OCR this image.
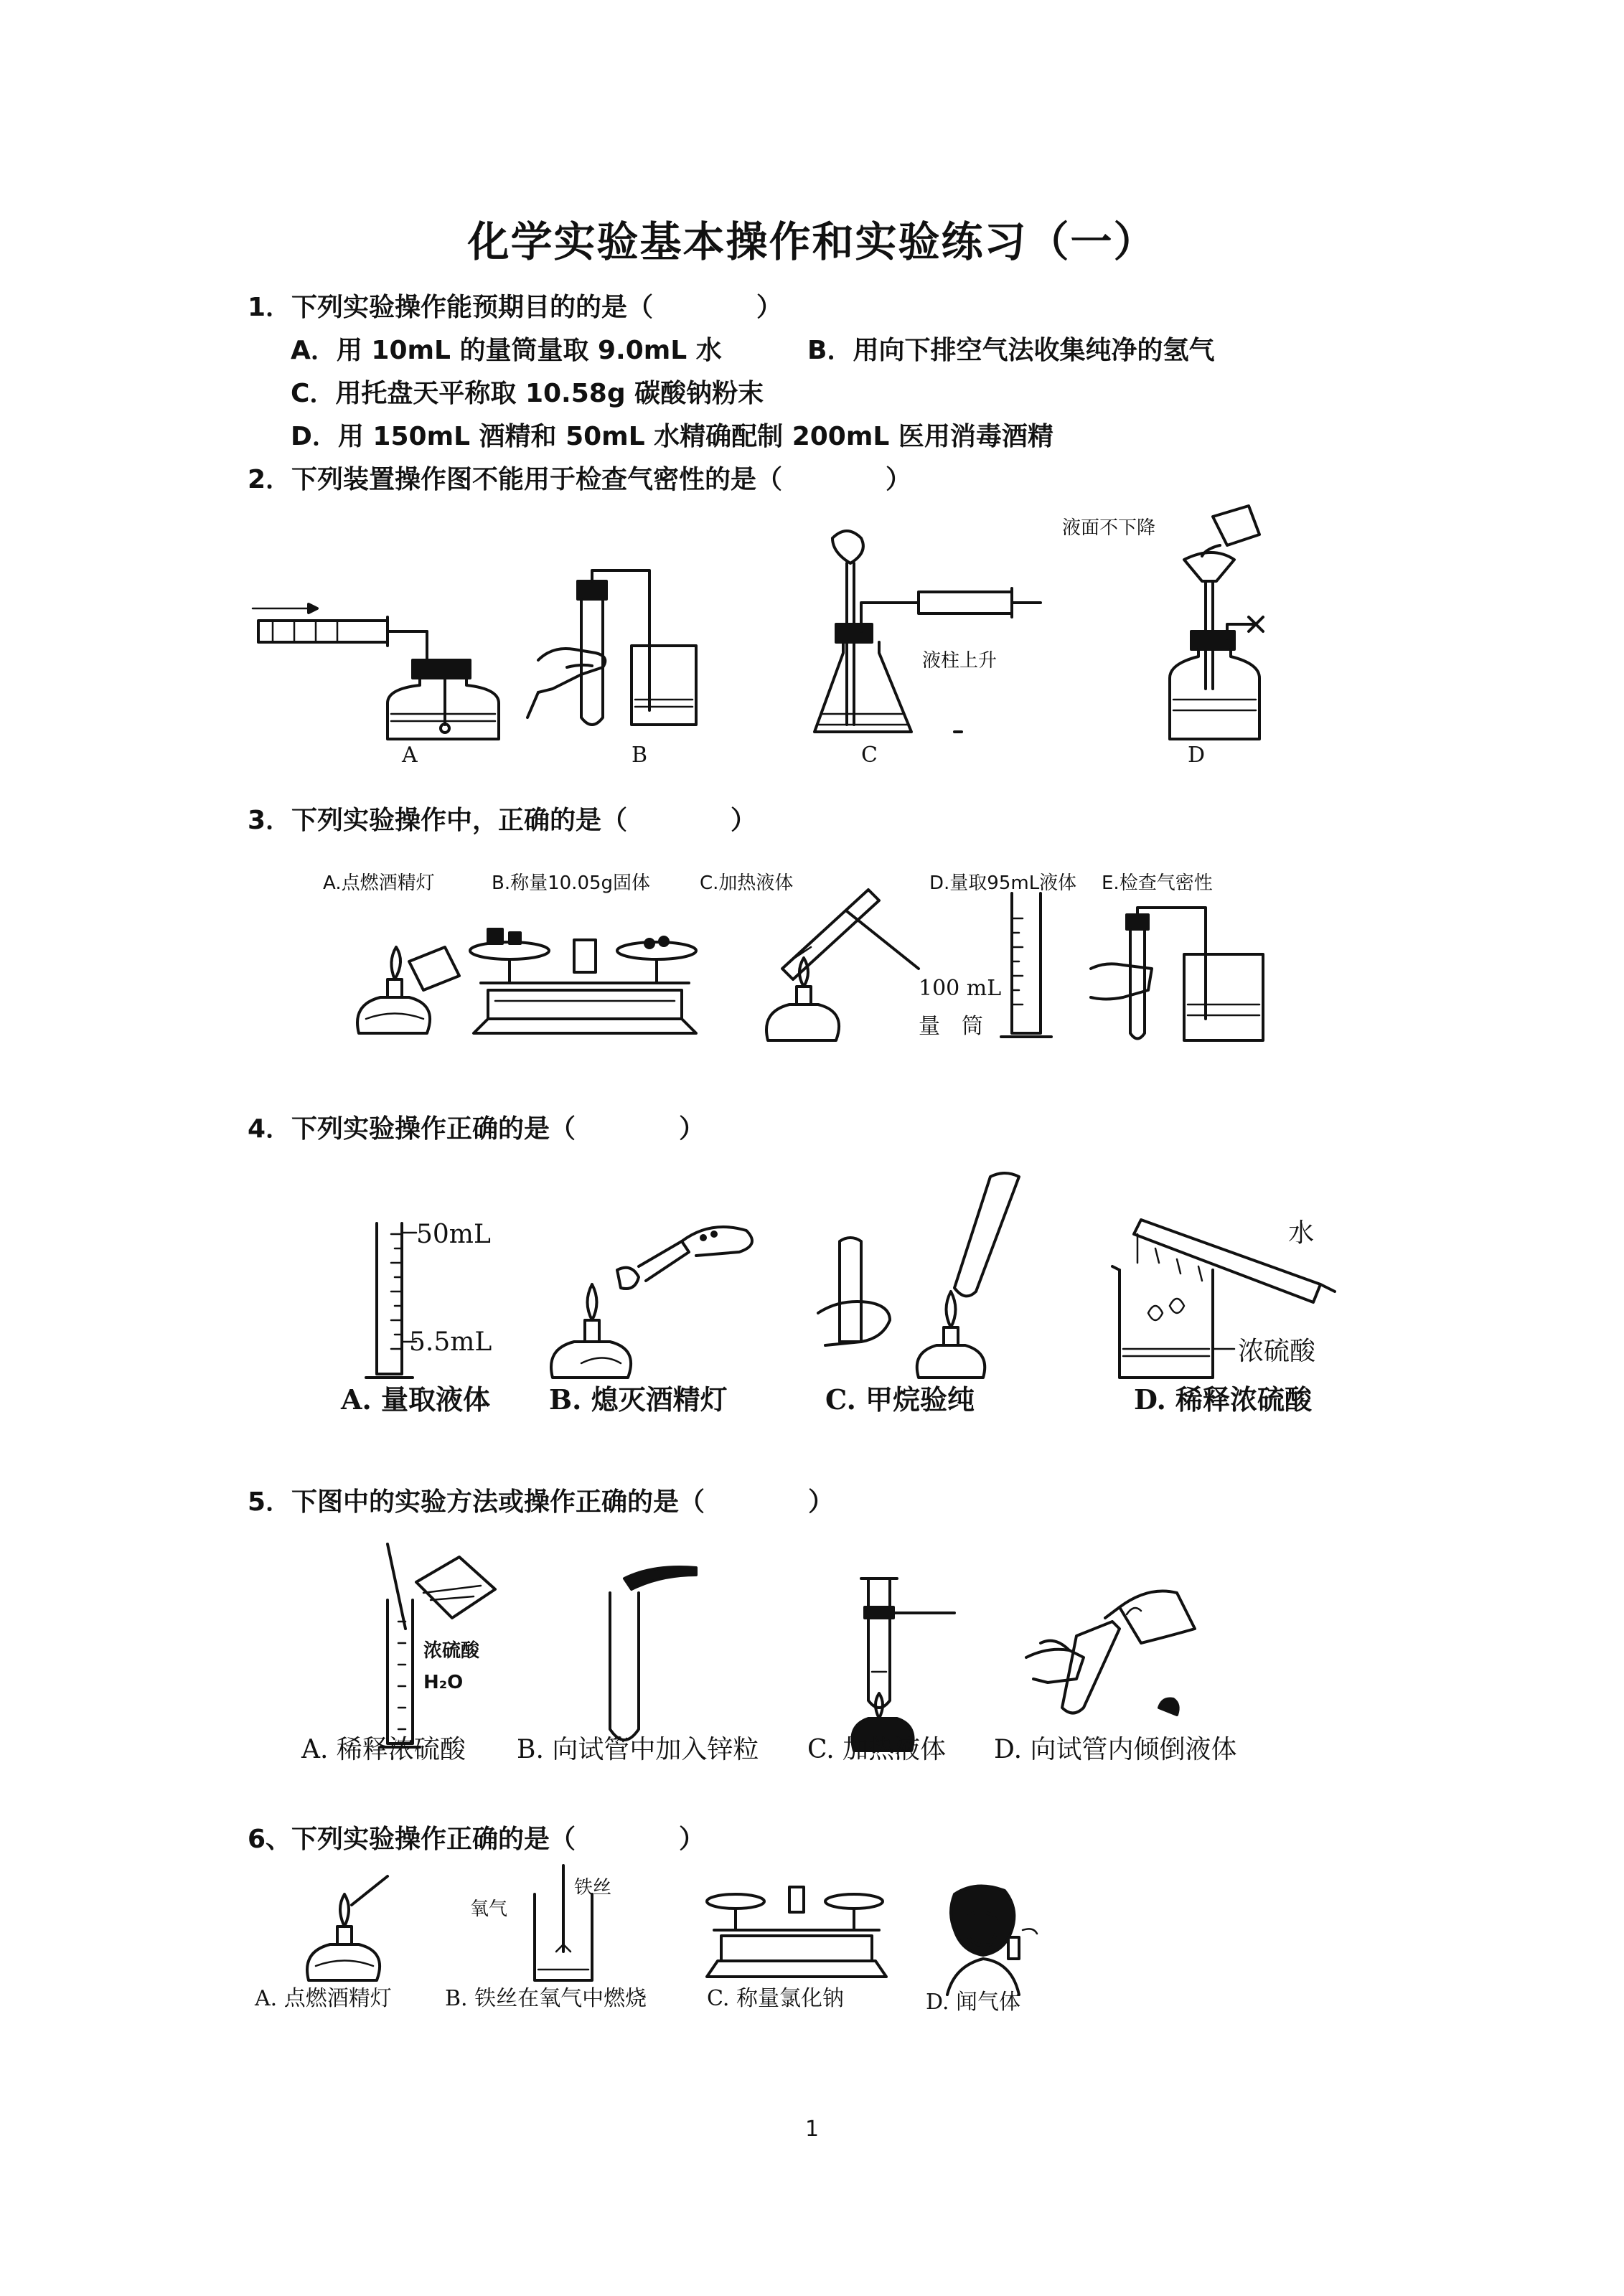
化学实验基本操作和实验练习（一）
1．下列实验操作能预期目的的是（　　　　）
A．用 10mL 的量筒量取 9.0mL 水	B．用向下排空气法收集纯净的氢气
C．用托盘天平称取 10.58g 碳酸钠粉末
D．用 150mL 酒精和 50mL 水精确配制 200mL 医用消毒酒精
2．下列装置操作图不能用于检查气密性的是（　　　　）
A	B
液柱上升
C
液面不下降
D
3．下列实验操作中，正确的是（　　　　）
A.点燃酒精灯	B.称量10.05g固体	C.加热液体	D.量取95mL液体 E.检查气密性
100 mL
量　筒
4．下列实验操作正确的是（　　　　）
50mL
5.5mL
水
浓硫酸
A. 量取液体 B. 熄灭酒精灯	C. 甲烷验纯	D. 稀释浓硫酸
5．下图中的实验方法或操作正确的是（　　　　）
浓硫酸
H₂O
A. 稀释浓硫酸 B. 向试管中加入锌粒 C. 加热液体 D. 向试管内倾倒液体
6、下列实验操作正确的是（　　　　）
氧气
铁丝
A. 点燃酒精灯 B. 铁丝在氧气中燃烧	C. 称量氯化钠	D. 闻气体
1
